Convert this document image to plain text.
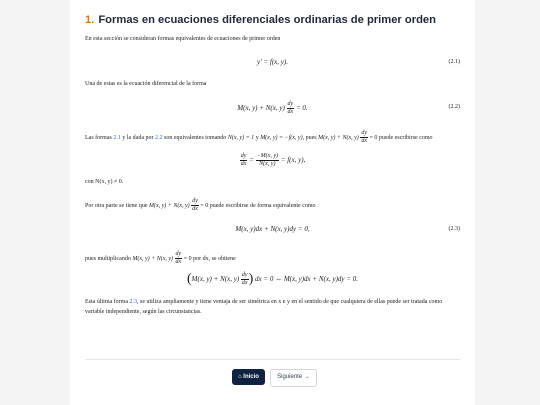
1. Formas en ecuaciones diferenciales ordinarias de primer orden

En esta sección se consideran formas equivalentes de ecuaciones de primer orden

y′ = f(x, y).	(2.1)

Una de estas es la ecuación diferencial de la forma

M(x, y) + N(x, $y) \frac{dy}{dx} = 0$.	(2.2)

Las formas 2.1 y la dada por 2.2 son equivalentes tomando N(x, y) = 1 y M(x, y) = −f(x, y), pues M(x, y) + N(x, $y) \frac{dy}{dx} = 0$ puede escribirse como

$\frac{dy}{dx} = \frac{-M(x, y)}{N(x, y)} = f(x$, y),

con N(x, y) ≠ 0.

Por otra parte se tiene que M(x, y) + N(x, $y) \frac{dy}{dx} = 0$ puede escribirse de forma equivalente como

M(x, y)dx + N(x, y)dy = 0,	(2.3)

pues multiplicando M(x, y) + N(x, $y) \frac{dy}{dx} = 0$ por dx, se obtiene

(M(x, y) + N(x, $y) \frac{dy}{dx}$ ) dx = 0 ⇔ M(x, y)dx + N(x, y)dy = 0.

Esta última forma 2.3, se utiliza ampliamente y tiene ventaja de ser simétrica en x e y en el sentido de que cualquiera de ellas puede ser tratada como variable independiente, según las circunstancias.

⌂ Inicio	Siguiente →
